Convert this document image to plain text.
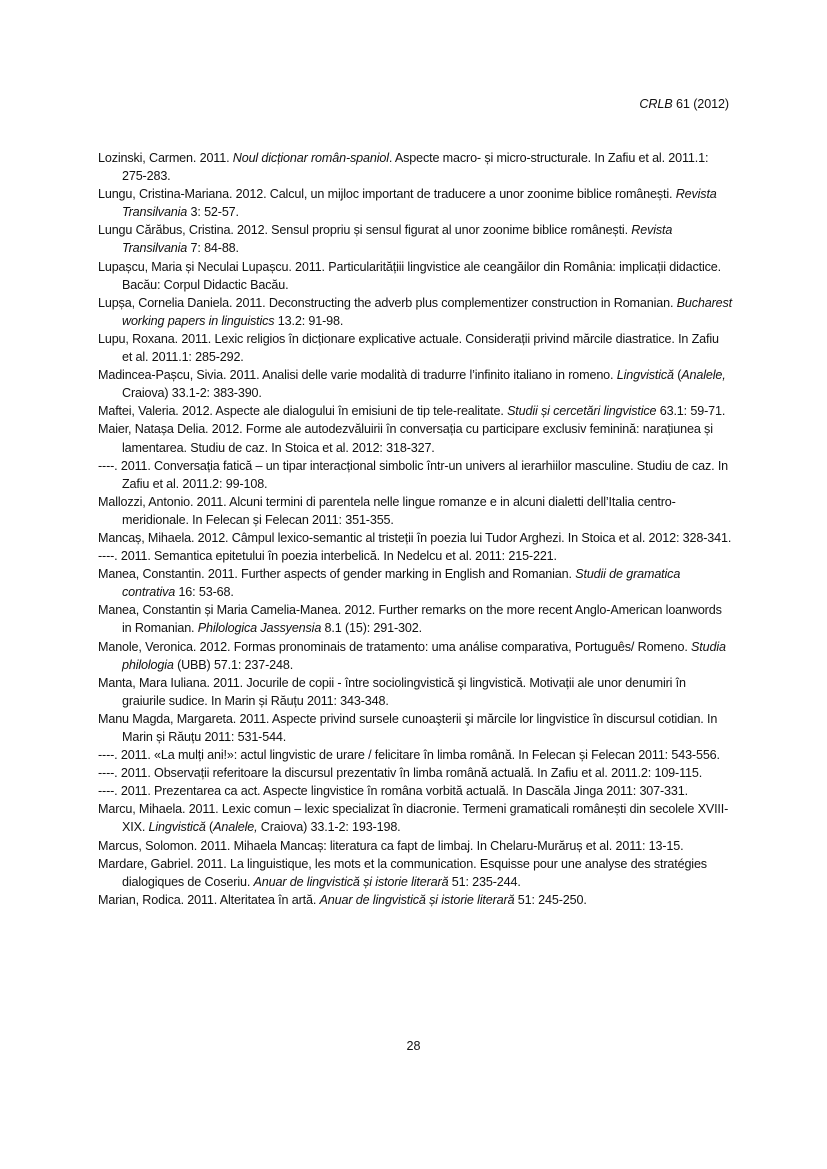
CRLB 61 (2012)

Lozinski, Carmen. 2011. Noul dicționar român-spaniol. Aspecte macro- și micro-structurale. In Zafiu et al. 2011.1: 275-283.

Lungu, Cristina-Mariana. 2012. Calcul, un mijloc important de traducere a unor zoonime biblice românești. Revista Transilvania 3: 52-57.

Lungu Cărăbus, Cristina. 2012. Sensul propriu și sensul figurat al unor zoonime biblice românești. Revista Transilvania 7: 84-88.

Lupașcu, Maria și Neculai Lupașcu. 2011. Particularitățiii lingvistice ale ceangăilor din România: implicații didactice. Bacău: Corpul Didactic Bacău.

Lupșa, Cornelia Daniela. 2011. Deconstructing the adverb plus complementizer construction in Romanian. Bucharest working papers in linguistics 13.2: 91-98.

Lupu, Roxana. 2011. Lexic religios în dicționare explicative actuale. Considerații privind mărcile diastratice. In Zafiu et al. 2011.1: 285-292.

Madincea-Pașcu, Sivia. 2011. Analisi delle varie modalità di tradurre l’infinito italiano in romeno. Lingvistică (Analele, Craiova) 33.1-2: 383-390.

Maftei, Valeria. 2012. Aspecte ale dialogului în emisiuni de tip tele-realitate. Studii și cercetări lingvistice 63.1: 59-71.

Maier, Natașa Delia. 2012. Forme ale autodezvăluirii în conversația cu participare exclusiv feminină: narațiunea și lamentarea. Studiu de caz. In Stoica et al. 2012: 318-327.

----. 2011. Conversația fatică – un tipar interacțional simbolic într-un univers al ierarhiilor masculine. Studiu de caz. In Zafiu et al. 2011.2: 99-108.

Mallozzi, Antonio. 2011. Alcuni termini di parentela nelle lingue romanze e in alcuni dialetti dell’Italia centro-meridionale. In Felecan și Felecan 2011: 351-355.

Mancaș, Mihaela. 2012. Câmpul lexico-semantic al tristeții în poezia lui Tudor Arghezi. In Stoica et al. 2012: 328-341.

----. 2011. Semantica epitetului în poezia interbelică. In Nedelcu et al. 2011: 215-221.

Manea, Constantin. 2011. Further aspects of gender marking in English and Romanian. Studii de gramatica contrativa 16: 53-68.

Manea, Constantin și Maria Camelia-Manea. 2012. Further remarks on the more recent Anglo-American loanwords in Romanian. Philologica Jassyensia 8.1 (15): 291-302.

Manole, Veronica. 2012. Formas pronominais de tratamento: uma análise comparativa, Português/ Romeno. Studia philologia (UBB) 57.1: 237-248.

Manta, Mara Iuliana. 2011. Jocurile de copii - între sociolingvistică şi lingvistică. Motivații ale unor denumiri în graiurile sudice. In Marin și Răuțu 2011: 343-348.

Manu Magda, Margareta. 2011. Aspecte privind sursele cunoaşterii şi mărcile lor lingvistice în discursul cotidian. In Marin și Răuțu 2011: 531-544.

----. 2011. «La mulți ani!»: actul lingvistic de urare / felicitare în limba română. In Felecan și Felecan 2011: 543-556.

----. 2011. Observații referitoare la discursul prezentativ în limba română actuală. In Zafiu et al. 2011.2: 109-115.

----. 2011. Prezentarea ca act. Aspecte lingvistice în româna vorbită actuală. In Dascăla Jinga 2011: 307-331.

Marcu, Mihaela. 2011. Lexic comun – lexic specializat în diacronie. Termeni gramaticali românești din secolele XVIII-XIX. Lingvistică (Analele, Craiova) 33.1-2: 193-198.

Marcus, Solomon. 2011. Mihaela Mancaș: literatura ca fapt de limbaj. In Chelaru-Murăruș et al. 2011: 13-15.

Mardare, Gabriel. 2011. La linguistique, les mots et la communication. Esquisse pour une analyse des stratégies dialogiques de Coseriu. Anuar de lingvistică și istorie literară 51: 235-244.

Marian, Rodica. 2011. Alteritatea în artă. Anuar de lingvistică și istorie literară 51: 245-250.

28
